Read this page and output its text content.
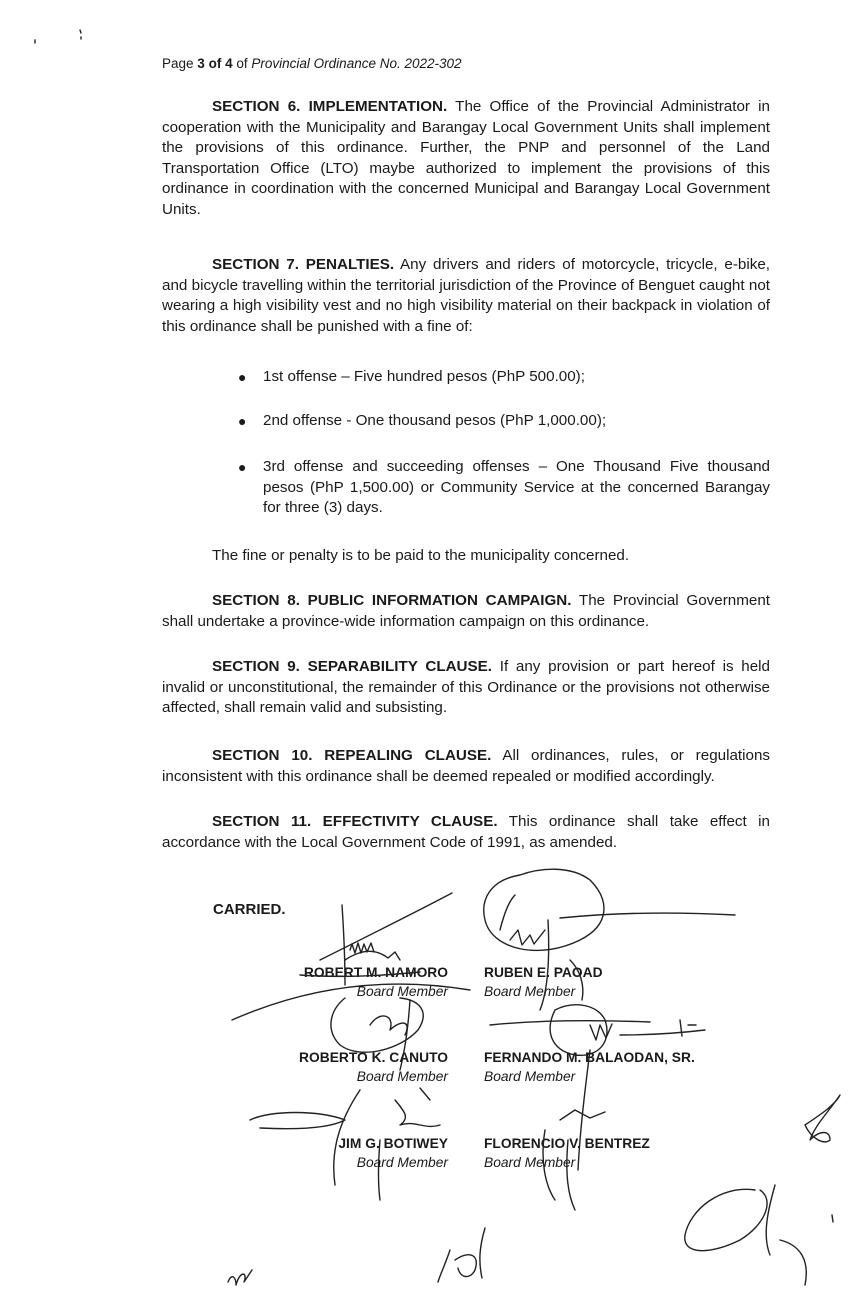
Page 3 of 4 of Provincial Ordinance No. 2022-302
SECTION 6. IMPLEMENTATION. The Office of the Provincial Administrator in cooperation with the Municipality and Barangay Local Government Units shall implement the provisions of this ordinance. Further, the PNP and personnel of the Land Transportation Office (LTO) maybe authorized to implement the provisions of this ordinance in coordination with the concerned Municipal and Barangay Local Government Units.
SECTION 7. PENALTIES. Any drivers and riders of motorcycle, tricycle, e-bike, and bicycle travelling within the territorial jurisdiction of the Province of Benguet caught not wearing a high visibility vest and no high visibility material on their backpack in violation of this ordinance shall be punished with a fine of:
● 1st offense – Five hundred pesos (PhP 500.00);
● 2nd offense - One thousand pesos (PhP 1,000.00);
● 3rd offense and succeeding offenses – One Thousand Five thousand pesos (PhP 1,500.00) or Community Service at the concerned Barangay for three (3) days.
The fine or penalty is to be paid to the municipality concerned.
SECTION 8. PUBLIC INFORMATION CAMPAIGN. The Provincial Government shall undertake a province-wide information campaign on this ordinance.
SECTION 9. SEPARABILITY CLAUSE. If any provision or part hereof is held invalid or unconstitutional, the remainder of this Ordinance or the provisions not otherwise affected, shall remain valid and subsisting.
SECTION 10. REPEALING CLAUSE. All ordinances, rules, or regulations inconsistent with this ordinance shall be deemed repealed or modified accordingly.
SECTION 11. EFFECTIVITY CLAUSE. This ordinance shall take effect in accordance with the Local Government Code of 1991, as amended.
CARRIED.
ROBERT M. NAMORO
Board Member
RUBEN E. PAOAD
Board Member
ROBERTO K. CANUTO
Board Member
FERNANDO M. BALAODAN, SR.
Board Member
JIM G. BOTIWEY
Board Member
FLORENCIO V. BENTREZ
Board Member
